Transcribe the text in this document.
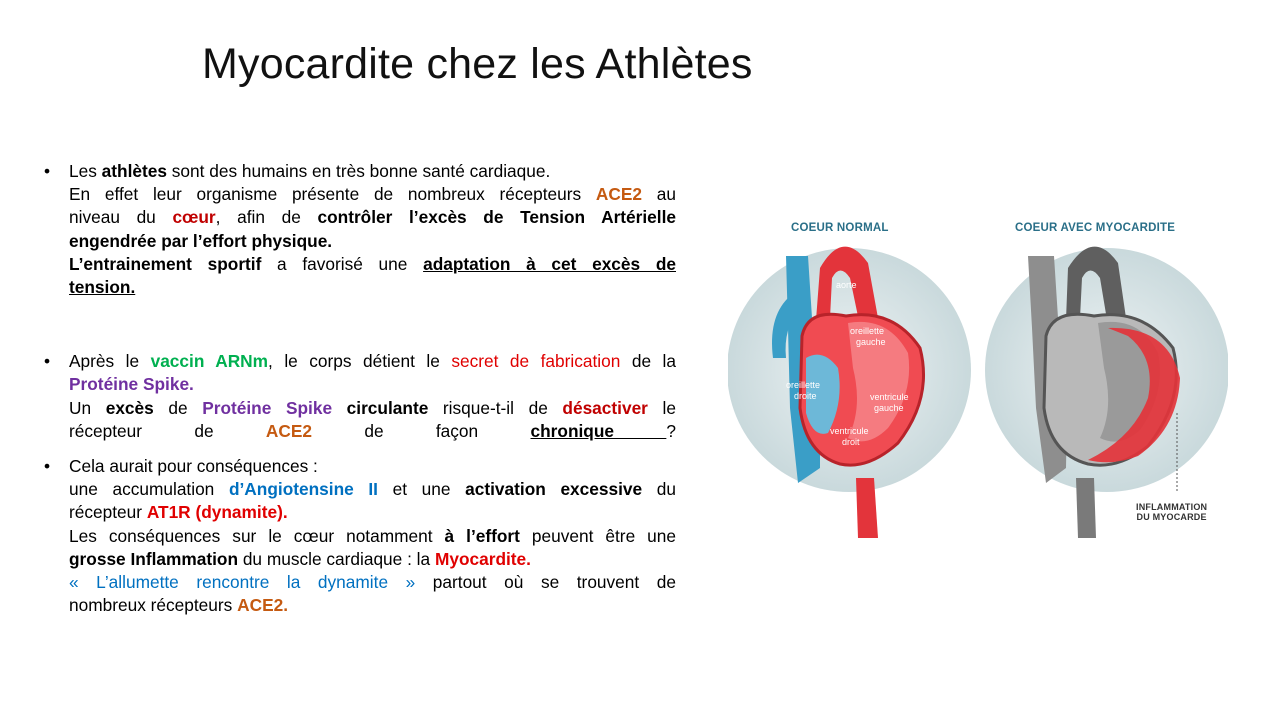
Myocardite chez les Athlètes
• Les athlètes sont des humains en très bonne santé cardiaque.
En effet leur organisme présente de nombreux récepteurs ACE2 au
niveau du cœur, afin de contrôler l’excès de Tension Artérielle
engendrée par l’effort physique.
L’entrainement sportif a favorisé une adaptation à cet excès de
tension.
• Après le vaccin ARNm, le corps détient le secret de fabrication de la
Protéine Spike.
Un excès de Protéine Spike circulante risque-t-il de désactiver le
récepteur de ACE2 de façon chronique ?
• Cela aurait pour conséquences :
une accumulation d’Angiotensine II et une activation excessive du
récepteur AT1R (dynamite).
Les conséquences sur le cœur notamment à l’effort peuvent être une
grosse Inflammation du muscle cardiaque : la Myocardite.
« L’allumette rencontre la dynamite » partout où se trouvent de
nombreux récepteurs ACE2.
aorte
oreillette
gauche
oreillette
droite	ventricule
gauche
ventricule
droit
COEUR NORMAL	COEUR AVEC MYOCARDITE
INFLAMMATION
DU MYOCARDE
